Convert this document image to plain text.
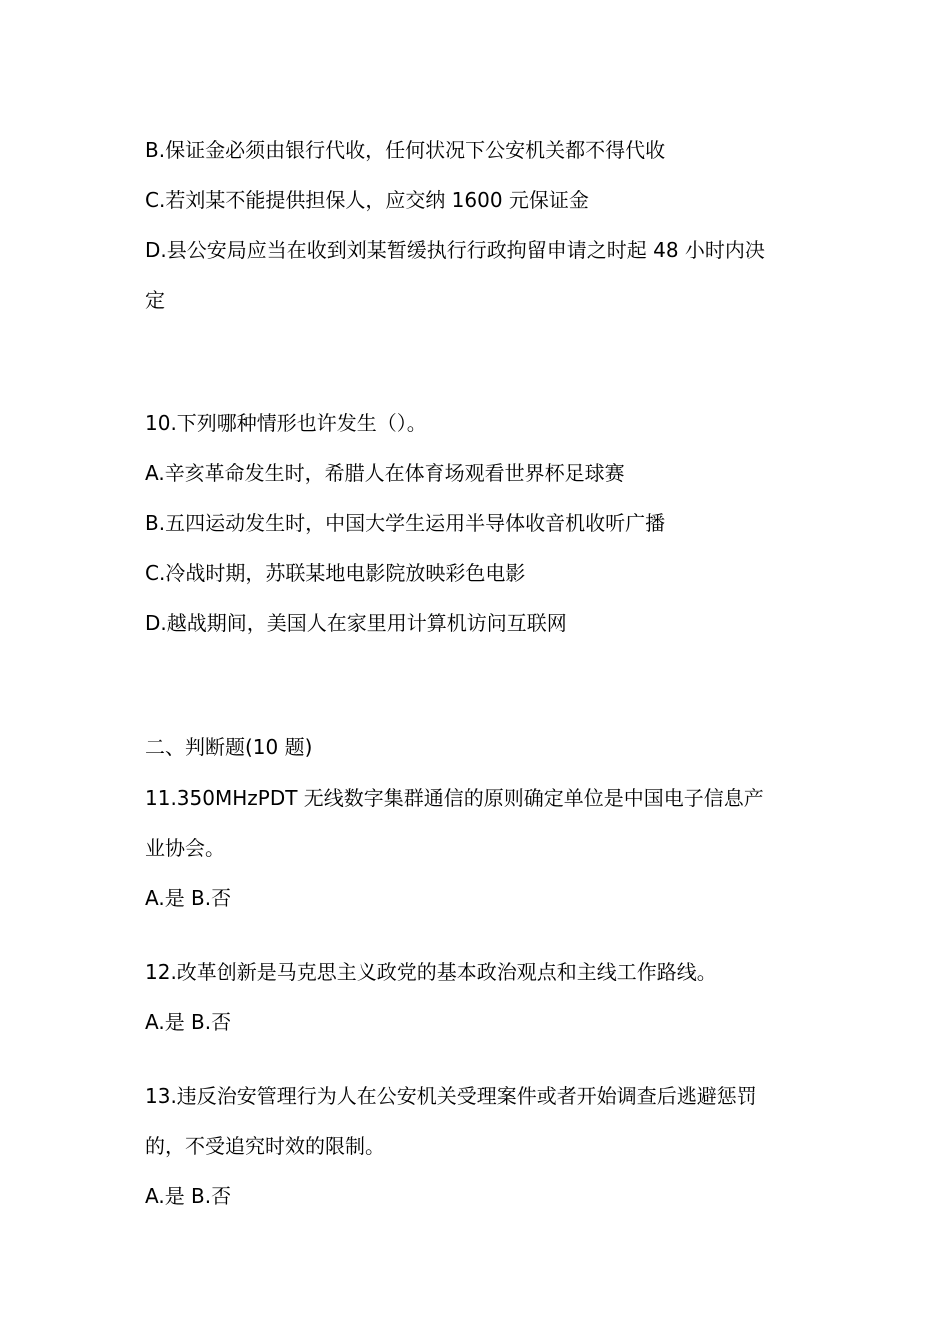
B.保证金必须由银行代收，任何状况下公安机关都不得代收
C.若刘某不能提供担保人，应交纳 1600 元保证金
D.县公安局应当在收到刘某暂缓执行行政拘留申请之时起 48 小时内决
定
10.下列哪种情形也许发生（）。
A.辛亥革命发生时，希腊人在体育场观看世界杯足球赛
B.五四运动发生时，中国大学生运用半导体收音机收听广播
C.冷战时期，苏联某地电影院放映彩色电影
D.越战期间，美国人在家里用计算机访问互联网
二、判断题(10 题)
11.350MHzPDT 无线数字集群通信的原则确定单位是中国电子信息产
业协会。
A.是 B.否
12.改革创新是马克思主义政党的基本政治观点和主线工作路线。
A.是 B.否
13.违反治安管理行为人在公安机关受理案件或者开始调查后逃避惩罚
的，不受追究时效的限制。
A.是 B.否
